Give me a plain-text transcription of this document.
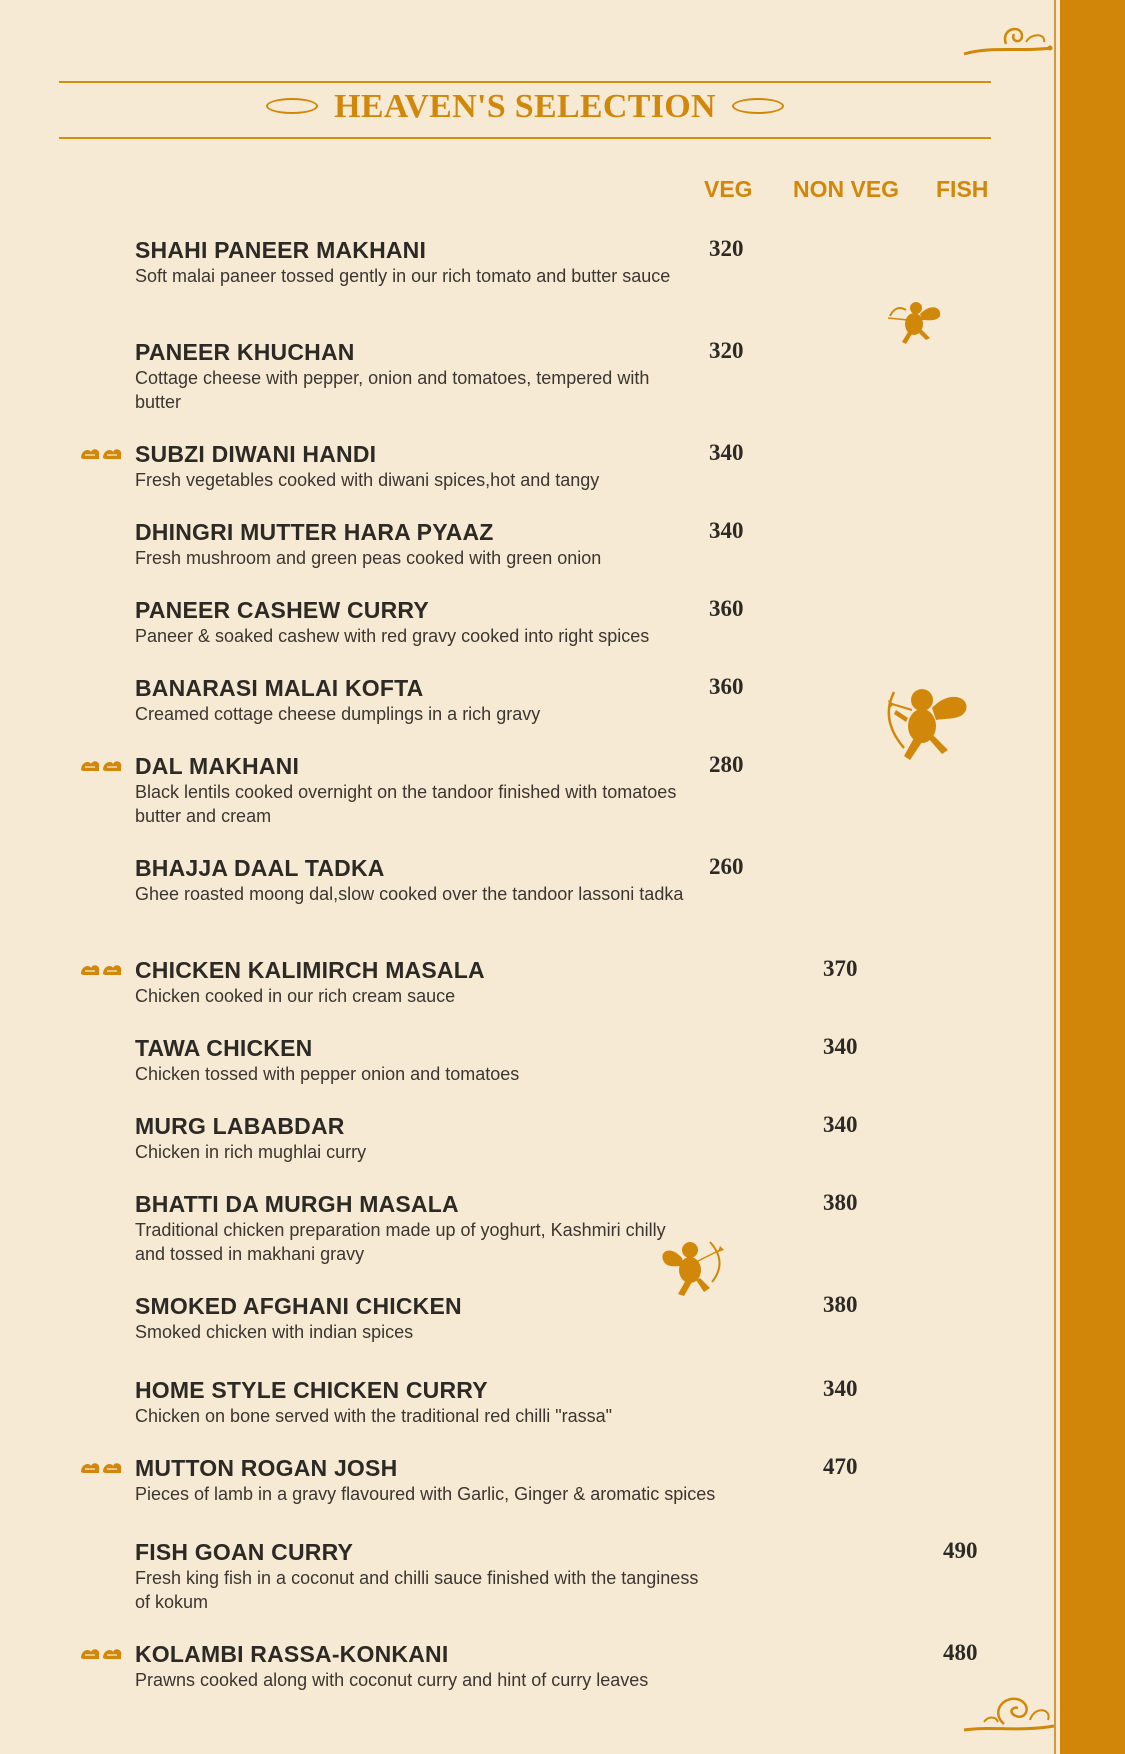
HEAVEN'S SELECTION
VEG NON VEG FISH
SHAHI PANEER MAKHANI
Soft malai paneer tossed gently in our rich tomato and butter sauce
320
PANEER KHUCHAN
Cottage cheese with pepper, onion and tomatoes, tempered with butter
320
SUBZI DIWANI HANDI
Fresh vegetables cooked with diwani spices,hot and tangy
340
DHINGRI MUTTER HARA PYAAZ
Fresh mushroom and green peas cooked with green onion
340
PANEER CASHEW CURRY
Paneer & soaked cashew with red gravy cooked into right spices
360
BANARASI MALAI KOFTA
Creamed cottage cheese dumplings in a rich gravy
360
DAL MAKHANI
Black lentils cooked overnight on the tandoor finished with tomatoes butter and cream
280
BHAJJA DAAL TADKA
Ghee roasted moong dal,slow cooked over the tandoor lassoni tadka
260
CHICKEN KALIMIRCH MASALA
Chicken cooked in our rich cream sauce
370
TAWA CHICKEN
Chicken tossed with pepper onion and tomatoes
340
MURG LABABDAR
Chicken in rich mughlai curry
340
BHATTI DA MURGH MASALA
Traditional chicken preparation made up of yoghurt, Kashmiri chilly and tossed in makhani gravy
380
SMOKED AFGHANI CHICKEN
Smoked chicken with indian spices
380
HOME STYLE CHICKEN CURRY
Chicken on bone served with the traditional red chilli "rassa"
340
MUTTON ROGAN JOSH
Pieces of lamb in a gravy flavoured with Garlic, Ginger & aromatic spices
470
FISH GOAN CURRY
Fresh king fish in a coconut and chilli sauce finished with the tanginess of kokum
490
KOLAMBI RASSA-KONKANI
Prawns cooked along with coconut curry and hint of curry leaves
480
